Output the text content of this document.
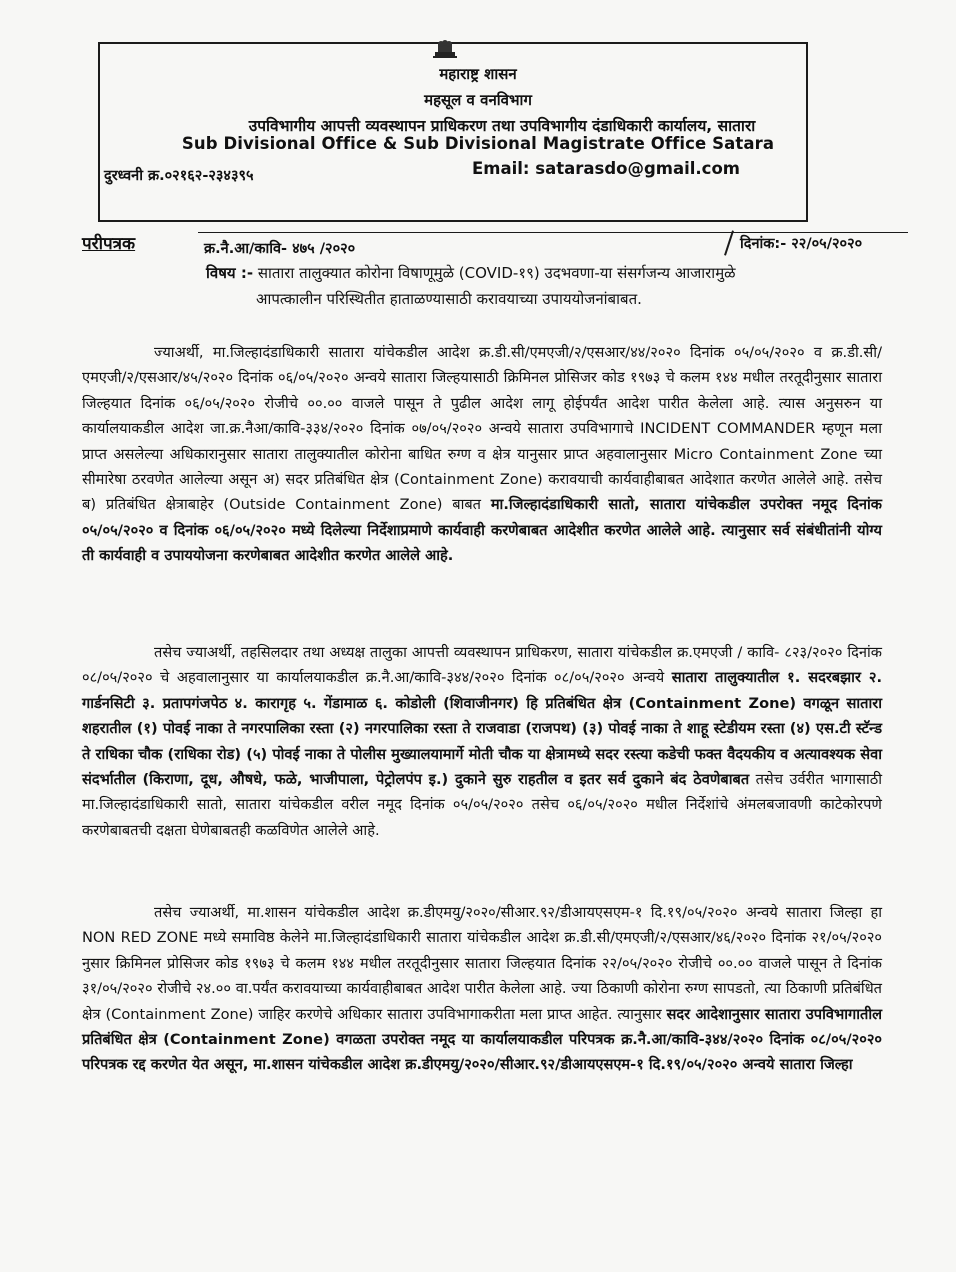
क्र.नै.आ/कावि- ४७५ /२०२०	दिनांक:- २२/०५/२०२०
महाराष्ट्र शासन
महसूल व वनविभाग
उपविभागीय आपत्ती व्यवस्थापन प्राधिकरण तथा उपविभागीय दंडाधिकारी कार्यालय, सातारा
Sub Divisional Office & Sub Divisional Magistrate Office Satara
दुरध्वनी क्र.०२१६२-२३४३९५	Email: satarasdo@gmail.com
परीपत्रक
विषय :- सातारा तालुक्यात कोरोना विषाणूमुळे (COVID-१९) उदभवणा-या संसर्गजन्य आजारामुळे
आपत्कालीन परिस्थितीत हाताळण्यासाठी करावयाच्या उपाययोजनांबाबत.
ज्याअर्थी, मा.जिल्हादंडाधिकारी सातारा यांचेकडील आदेश क्र.डी.सी/एमएजी/२/एसआर/४४/२०२० दिनांक ०५/०५/२०२० व क्र.डी.सी/एमएजी/२/एसआर/४५/२०२० दिनांक ०६/०५/२०२० अन्वये सातारा जिल्हयासाठी क्रिमिनल प्रोसिजर कोड १९७३ चे कलम १४४ मधील तरतूदीनुसार सातारा जिल्हयात दिनांक ०६/०५/२०२० रोजीचे ००.०० वाजले पासून ते पुढील आदेश लागू होईपर्यंत आदेश पारीत केलेला आहे. त्यास अनुसरुन या कार्यालयाकडील आदेश जा.क्र.नैआ/कावि-३३४/२०२० दिनांक ०७/०५/२०२० अन्वये सातारा उपविभागाचे INCIDENT COMMANDER म्हणून मला प्राप्त असलेल्या अधिकारानुसार सातारा तालुक्यातील कोरोना बाधित रुग्ण व क्षेत्र यानुसार प्राप्त अहवालानुसार Micro Containment Zone च्या सीमारेषा ठरवणेत आलेल्या असून अ) सदर प्रतिबंधित क्षेत्र (Containment Zone) करावयाची कार्यवाहीबाबत आदेशात करणेत आलेले आहे. तसेच ब) प्रतिबंधित क्षेत्राबाहेर (Outside Containment Zone) बाबत मा.जिल्हादंडाधिकारी सातो, सातारा यांचेकडील उपरोक्त नमूद दिनांक ०५/०५/२०२० व दिनांक ०६/०५/२०२० मध्ये दिलेल्या निर्देशाप्रमाणे कार्यवाही करणेबाबत आदेशीत करणेत आलेले आहे. त्यानुसार सर्व संबंधीतांनी योग्य ती कार्यवाही व उपाययोजना करणेबाबत आदेशीत करणेत आलेले आहे.
तसेच ज्याअर्थी, तहसिलदार तथा अध्यक्ष तालुका आपत्ती व्यवस्थापन प्राधिकरण, सातारा यांचेकडील क्र.एमएजी / कावि- ८२३/२०२० दिनांक ०८/०५/२०२० चे अहवालानुसार या कार्यालयाकडील क्र.नै.आ/कावि-३४४/२०२० दिनांक ०८/०५/२०२० अन्वये सातारा तालुक्यातील १. सदरबझार २. गार्डनसिटी ३. प्रतापगंजपेठ ४. कारागृह ५. गेंडामाळ ६. कोडोली (शिवाजीनगर) हि प्रतिबंधित क्षेत्र (Containment Zone) वगळून सातारा शहरातील (१) पोवई नाका ते नगरपालिका रस्ता (२) नगरपालिका रस्ता ते राजवाडा (राजपथ) (३) पोवई नाका ते शाहू स्टेडीयम रस्ता (४) एस.टी स्टॅन्ड ते राधिका चौक (राधिका रोड) (५) पोवई नाका ते पोलीस मुख्यालयामार्गे मोती चौक या क्षेत्रामध्ये सदर रस्त्या कडेची फक्त वैदयकीय व अत्यावश्यक सेवा संदर्भातील (किराणा, दूध, औषधे, फळे, भाजीपाला, पेट्रोलपंप इ.) दुकाने सुरु राहतील व इतर सर्व दुकाने बंद ठेवणेबाबत तसेच उर्वरीत भागासाठी मा.जिल्हादंडाधिकारी सातो, सातारा यांचेकडील वरील नमूद दिनांक ०५/०५/२०२० तसेच ०६/०५/२०२० मधील निर्देशांचे अंमलबजावणी काटेकोरपणे करणेबाबतची दक्षता घेणेबाबतही कळविणेत आलेले आहे.
तसेच ज्याअर्थी, मा.शासन यांचेकडील आदेश क्र.डीएमयु/२०२०/सीआर.९२/डीआयएसएम-१ दि.१९/०५/२०२० अन्वये सातारा जिल्हा हा NON RED ZONE मध्ये समाविष्ठ केलेने मा.जिल्हादंडाधिकारी सातारा यांचेकडील आदेश क्र.डी.सी/एमएजी/२/एसआर/४६/२०२० दिनांक २१/०५/२०२० नुसार क्रिमिनल प्रोसिजर कोड १९७३ चे कलम १४४ मधील तरतूदीनुसार सातारा जिल्हयात दिनांक २२/०५/२०२० रोजीचे ००.०० वाजले पासून ते दिनांक ३१/०५/२०२० रोजीचे २४.०० वा.पर्यंत करावयाच्या कार्यवाहीबाबत आदेश पारीत केलेला आहे. ज्या ठिकाणी कोरोना रुग्ण सापडतो, त्या ठिकाणी प्रतिबंधित क्षेत्र (Containment Zone) जाहिर करणेचे अधिकार सातारा उपविभागाकरीता मला प्राप्त आहेत. त्यानुसार सदर आदेशानुसार सातारा उपविभागातील प्रतिबंधित क्षेत्र (Containment Zone) वगळता उपरोक्त नमूद या कार्यालयाकडील परिपत्रक क्र.नै.आ/कावि-३४४/२०२० दिनांक ०८/०५/२०२० परिपत्रक रद्द करणेत येत असून, मा.शासन यांचेकडील आदेश क्र.डीएमयु/२०२०/सीआर.९२/डीआयएसएम-१ दि.१९/०५/२०२० अन्वये सातारा जिल्हा
